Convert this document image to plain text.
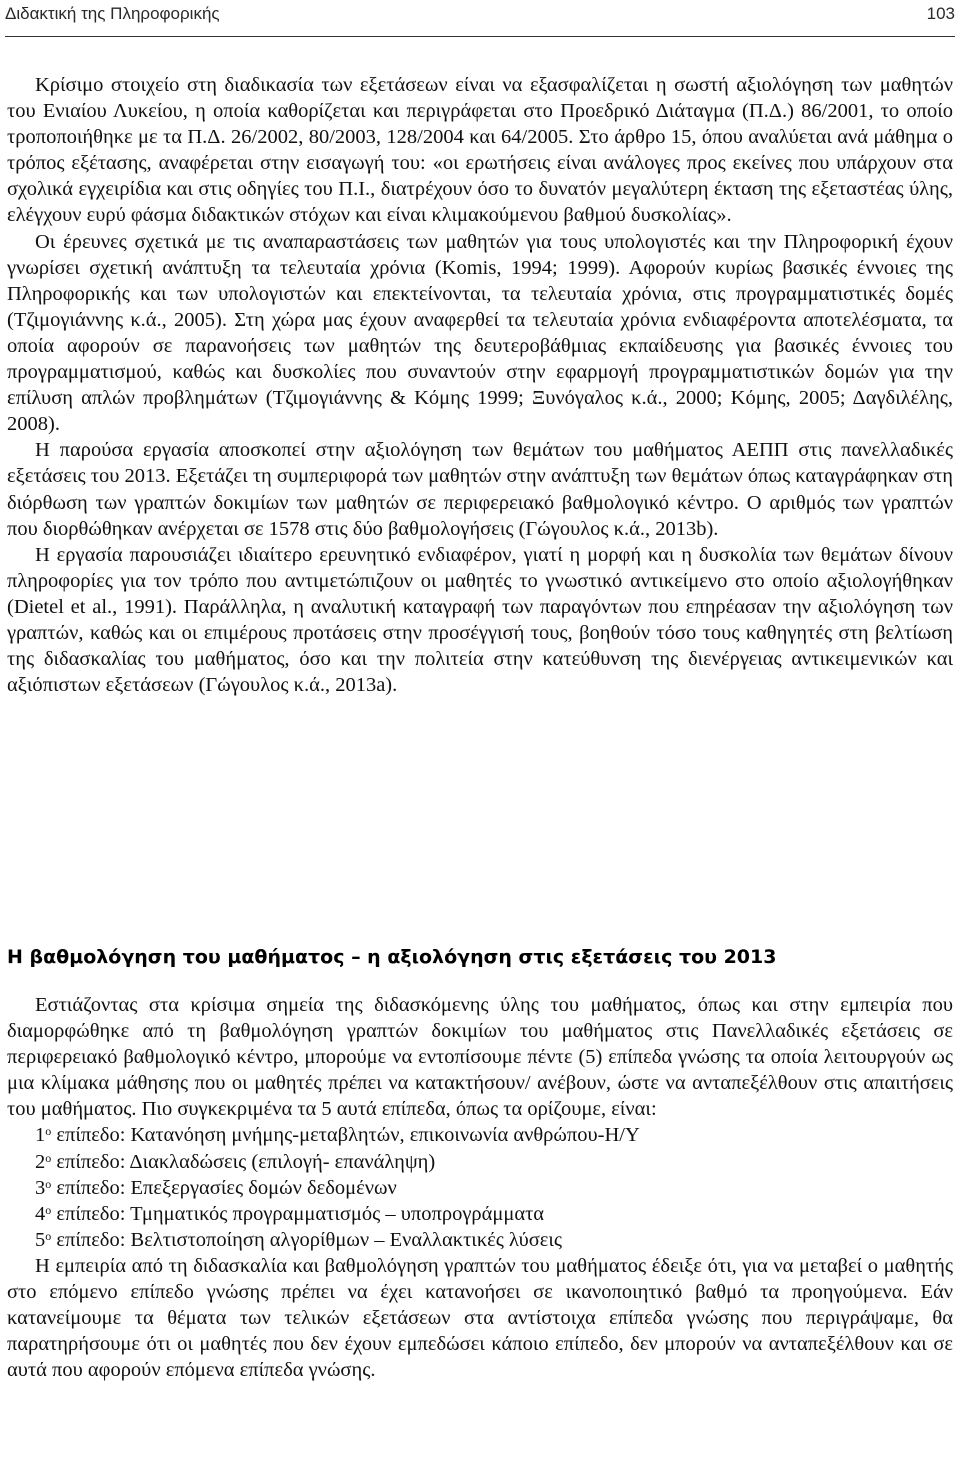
Διδακτική της Πληροφορικής	103

Κρίσιμο στοιχείο στη διαδικασία των εξετάσεων είναι να εξασφαλίζεται η σωστή αξιολόγηση των μαθητών του Ενιαίου Λυκείου, η οποία καθορίζεται και περιγράφεται στο Προεδρικό Διάταγμα (Π.Δ.) 86/2001, το οποίο τροποποιήθηκε με τα Π.Δ. 26/2002, 80/2003, 128/2004 και 64/2005. Στο άρθρο 15, όπου αναλύεται ανά μάθημα ο τρόπος εξέτασης, αναφέρεται στην εισαγωγή του: «οι ερωτήσεις είναι ανάλογες προς εκείνες που υπάρχουν στα σχολικά εγχειρίδια και στις οδηγίες του Π.Ι., διατρέχουν όσο το δυνατόν μεγαλύτερη έκταση της εξεταστέας ύλης, ελέγχουν ευρύ φάσμα διδακτικών στόχων και είναι κλιμακούμενου βαθμού δυσκολίας».

Οι έρευνες σχετικά με τις αναπαραστάσεις των μαθητών για τους υπολογιστές και την Πληροφορική έχουν γνωρίσει σχετική ανάπτυξη τα τελευταία χρόνια (Komis, 1994; 1999). Αφορούν κυρίως βασικές έννοιες της Πληροφορικής και των υπολογιστών και επεκτείνονται, τα τελευταία χρόνια, στις προγραμματιστικές δομές (Τζιμογιάννης κ.ά., 2005). Στη χώρα μας έχουν αναφερθεί τα τελευταία χρόνια ενδιαφέροντα αποτελέσματα, τα οποία αφορούν σε παρανοήσεις των μαθητών της δευτεροβάθμιας εκπαίδευσης για βασικές έννοιες του προγραμματισμού, καθώς και δυσκολίες που συναντούν στην εφαρμογή προγραμματιστικών δομών για την επίλυση απλών προβλημάτων (Τζιμογιάννης & Κόμης 1999; Ξυνόγαλος κ.ά., 2000; Κόμης, 2005; Δαγδιλέλης, 2008).

Η παρούσα εργασία αποσκοπεί στην αξιολόγηση των θεμάτων του μαθήματος ΑΕΠΠ στις πανελλαδικές εξετάσεις του 2013. Εξετάζει τη συμπεριφορά των μαθητών στην ανάπτυξη των θεμάτων όπως καταγράφηκαν στη διόρθωση των γραπτών δοκιμίων των μαθητών σε περιφερειακό βαθμολογικό κέντρο. Ο αριθμός των γραπτών που διορθώθηκαν ανέρχεται σε 1578 στις δύο βαθμολογήσεις (Γώγουλος κ.ά., 2013b).

Η εργασία παρουσιάζει ιδιαίτερο ερευνητικό ενδιαφέρον, γιατί η μορφή και η δυσκολία των θεμάτων δίνουν πληροφορίες για τον τρόπο που αντιμετώπιζουν οι μαθητές το γνωστικό αντικείμενο στο οποίο αξιολογήθηκαν (Dietel et al., 1991). Παράλληλα, η αναλυτική καταγραφή των παραγόντων που επηρέασαν την αξιολόγηση των γραπτών, καθώς και οι επιμέρους προτάσεις στην προσέγγισή τους, βοηθούν τόσο τους καθηγητές στη βελτίωση της διδασκαλίας του μαθήματος, όσο και την πολιτεία στην κατεύθυνση της διενέργειας αντικειμενικών και αξιόπιστων εξετάσεων (Γώγουλος κ.ά., 2013a).

Η βαθμολόγηση του μαθήματος – η αξιολόγηση στις εξετάσεις του 2013

Εστιάζοντας στα κρίσιμα σημεία της διδασκόμενης ύλης του μαθήματος, όπως και στην εμπειρία που διαμορφώθηκε από τη βαθμολόγηση γραπτών δοκιμίων του μαθήματος στις Πανελλαδικές εξετάσεις σε περιφερειακό βαθμολογικό κέντρο, μπορούμε να εντοπίσουμε πέντε (5) επίπεδα γνώσης τα οποία λειτουργούν ως μια κλίμακα μάθησης που οι μαθητές πρέπει να κατακτήσουν/ ανέβουν, ώστε να ανταπεξέλθουν στις απαιτήσεις του μαθήματος. Πιο συγκεκριμένα τα 5 αυτά επίπεδα, όπως τα ορίζουμε, είναι:

$1^o$ επίπεδο: Κατανόηση μνήμης-μεταβλητών, επικοινωνία ανθρώπου-Η/Υ
$2^o$ επίπεδο: Διακλαδώσεις (επιλογή- επανάληψη)
$3^o$ επίπεδο: Επεξεργασίες δομών δεδομένων
$4^o$ επίπεδο: Τμηματικός προγραμματισμός – υποπρογράμματα
$5^o$ επίπεδο: Βελτιστοποίηση αλγορίθμων – Εναλλακτικές λύσεις

Η εμπειρία από τη διδασκαλία και βαθμολόγηση γραπτών του μαθήματος έδειξε ότι, για να μεταβεί ο μαθητής στο επόμενο επίπεδο γνώσης πρέπει να έχει κατανοήσει σε ικανοποιητικό βαθμό τα προηγούμενα. Εάν κατανείμουμε τα θέματα των τελικών εξετάσεων στα αντίστοιχα επίπεδα γνώσης που περιγράψαμε, θα παρατηρήσουμε ότι οι μαθητές που δεν έχουν εμπεδώσει κάποιο επίπεδο, δεν μπορούν να ανταπεξέλθουν και σε αυτά που αφορούν επόμενα επίπεδα γνώσης.
